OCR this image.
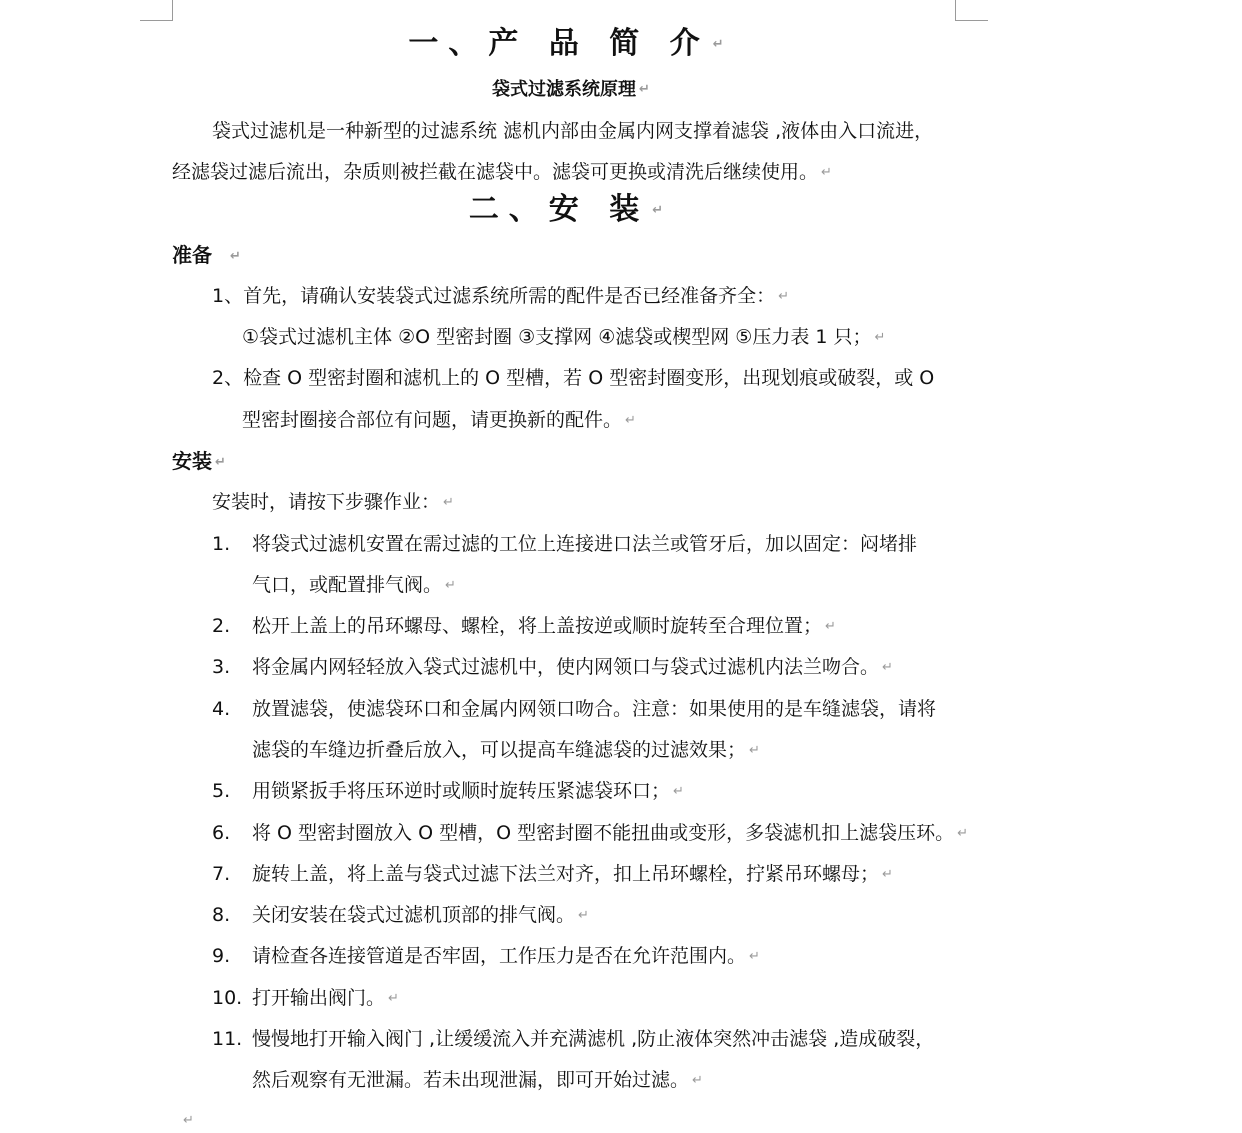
一、产 品 简 介 ↵
袋式过滤系统原理 ↵
袋式过滤机是一种新型的过滤系统 滤机内部由金属内网支撑着滤袋 ,液体由入口流进，
经滤袋过滤后流出，杂质则被拦截在滤袋中。滤袋可更换或清洗后继续使用。 ↵
二、安 装 ↵
准备 ↵
1、首先，请确认安装袋式过滤系统所需的配件是否已经准备齐全： ↵
①袋式过滤机主体 ②O 型密封圈 ③支撑网 ④滤袋或楔型网 ⑤压力表 1 只； ↵
2、检查 O 型密封圈和滤机上的 O 型槽，若 O 型密封圈变形，出现划痕或破裂，或 O
型密封圈接合部位有问题，请更换新的配件。 ↵
安装 ↵
安装时，请按下步骤作业： ↵
1. 将袋式过滤机安置在需过滤的工位上连接进口法兰或管牙后，加以固定：闷堵排
气口，或配置排气阀。 ↵
2. 松开上盖上的吊环螺母、螺栓，将上盖按逆或顺时旋转至合理位置； ↵
3. 将金属内网轻轻放入袋式过滤机中，使内网领口与袋式过滤机内法兰吻合。 ↵
4. 放置滤袋，使滤袋环口和金属内网领口吻合。注意：如果使用的是车缝滤袋，请将
滤袋的车缝边折叠后放入，可以提高车缝滤袋的过滤效果； ↵
5. 用锁紧扳手将压环逆时或顺时旋转压紧滤袋环口； ↵
6. 将 O 型密封圈放入 O 型槽，O 型密封圈不能扭曲或变形，多袋滤机扣上滤袋压环。 ↵
7. 旋转上盖，将上盖与袋式过滤下法兰对齐，扣上吊环螺栓，拧紧吊环螺母； ↵
8. 关闭安装在袋式过滤机顶部的排气阀。 ↵
9. 请检查各连接管道是否牢固，工作压力是否在允许范围内。 ↵
10. 打开输出阀门。 ↵
11. 慢慢地打开输入阀门 ,让缓缓流入并充满滤机 ,防止液体突然冲击滤袋 ,造成破裂，
然后观察有无泄漏。若未出现泄漏，即可开始过滤。 ↵
↵
